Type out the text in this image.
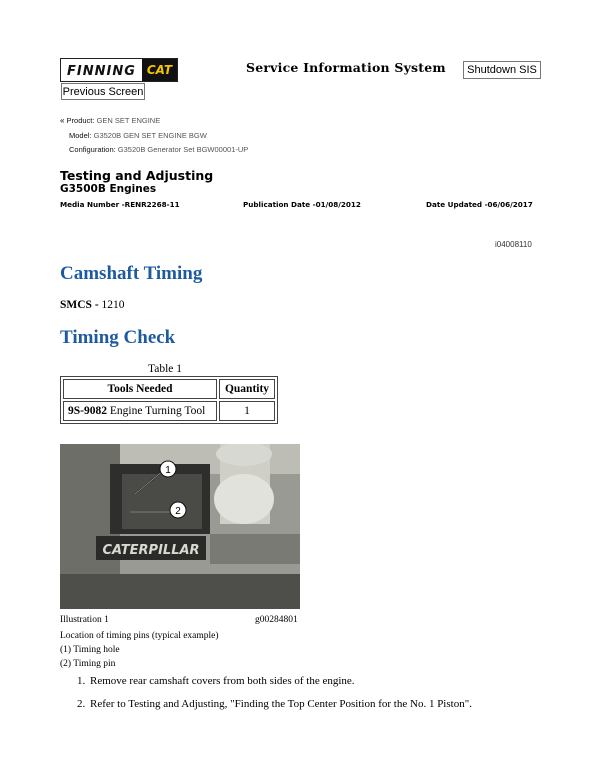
FINNING CAT	Service Information System	Shutdown SIS
Previous Screen
« Product: GEN SET ENGINE
Model: G3520B GEN SET ENGINE BGW
Configuration: G3520B Generator Set BGW00001-UP
Testing and Adjusting
G3500B Engines
Media Number -RENR2268-11	Publication Date -01/08/2012	Date Updated -06/06/2017
i04008110
Camshaft Timing
SMCS - 1210
Timing Check
Table 1
Tools Needed	Quantity
9S-9082 Engine Turning Tool	1
CATERPILLAR
1
2
Illustration 1	g00284801
Location of timing pins (typical example)
(1) Timing hole
(2) Timing pin
1. Remove rear camshaft covers from both sides of the engine.
2. Refer to Testing and Adjusting, "Finding the Top Center Position for the No. 1 Piston".
